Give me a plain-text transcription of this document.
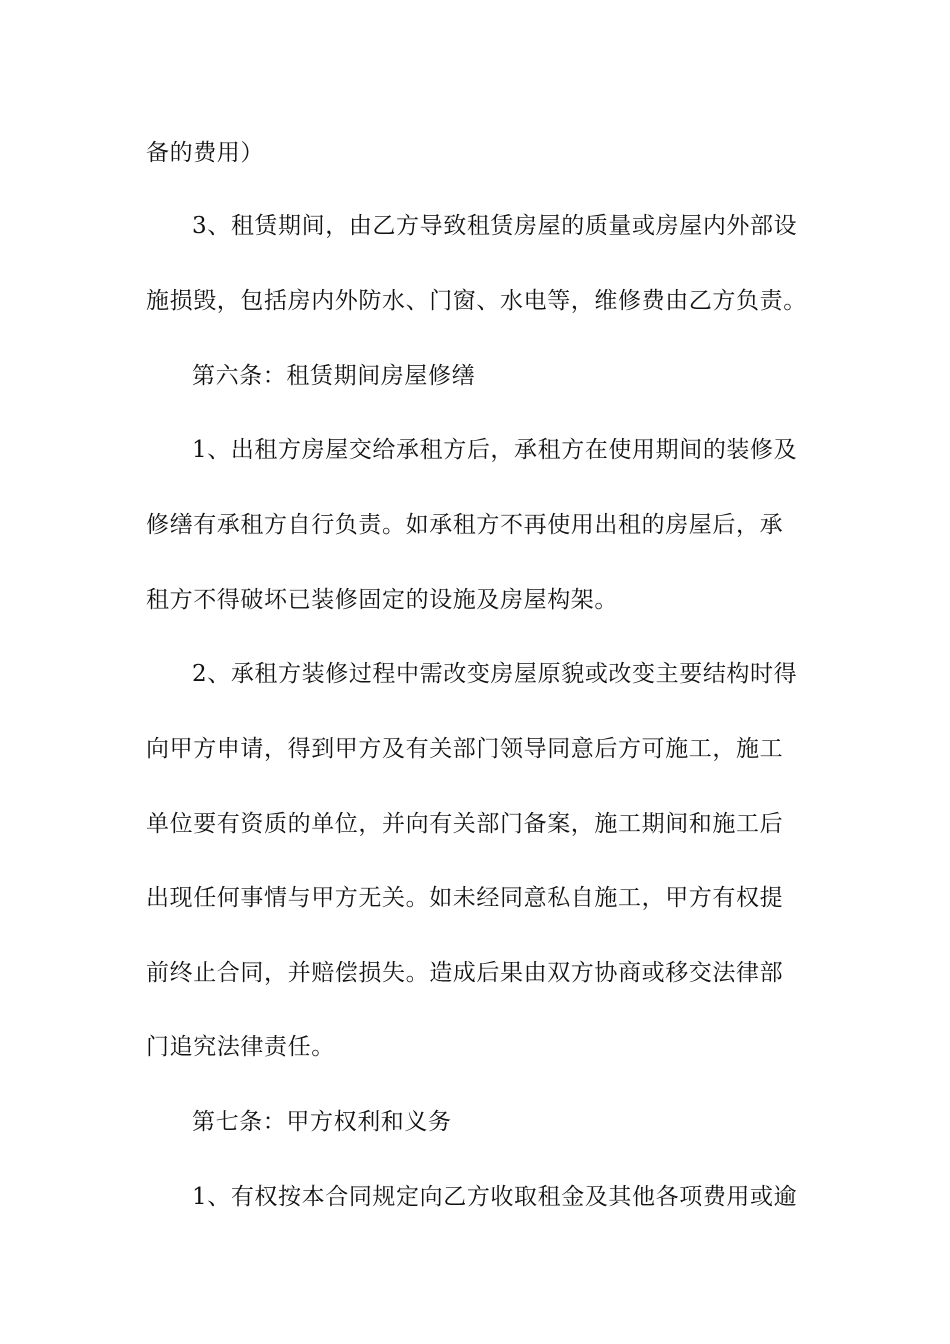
备的费用）
3、租赁期间，由乙方导致租赁房屋的质量或房屋内外部设
施损毁，包括房内外防水、门窗、水电等，维修费由乙方负责。
第六条：租赁期间房屋修缮
1、出租方房屋交给承租方后，承租方在使用期间的装修及
修缮有承租方自行负责。如承租方不再使用出租的房屋后，承
租方不得破坏已装修固定的设施及房屋构架。
2、承租方装修过程中需改变房屋原貌或改变主要结构时得
向甲方申请，得到甲方及有关部门领导同意后方可施工，施工
单位要有资质的单位，并向有关部门备案，施工期间和施工后
出现任何事情与甲方无关。如未经同意私自施工，甲方有权提
前终止合同，并赔偿损失。造成后果由双方协商或移交法律部
门追究法律责任。
第七条：甲方权利和义务
1、有权按本合同规定向乙方收取租金及其他各项费用或逾
